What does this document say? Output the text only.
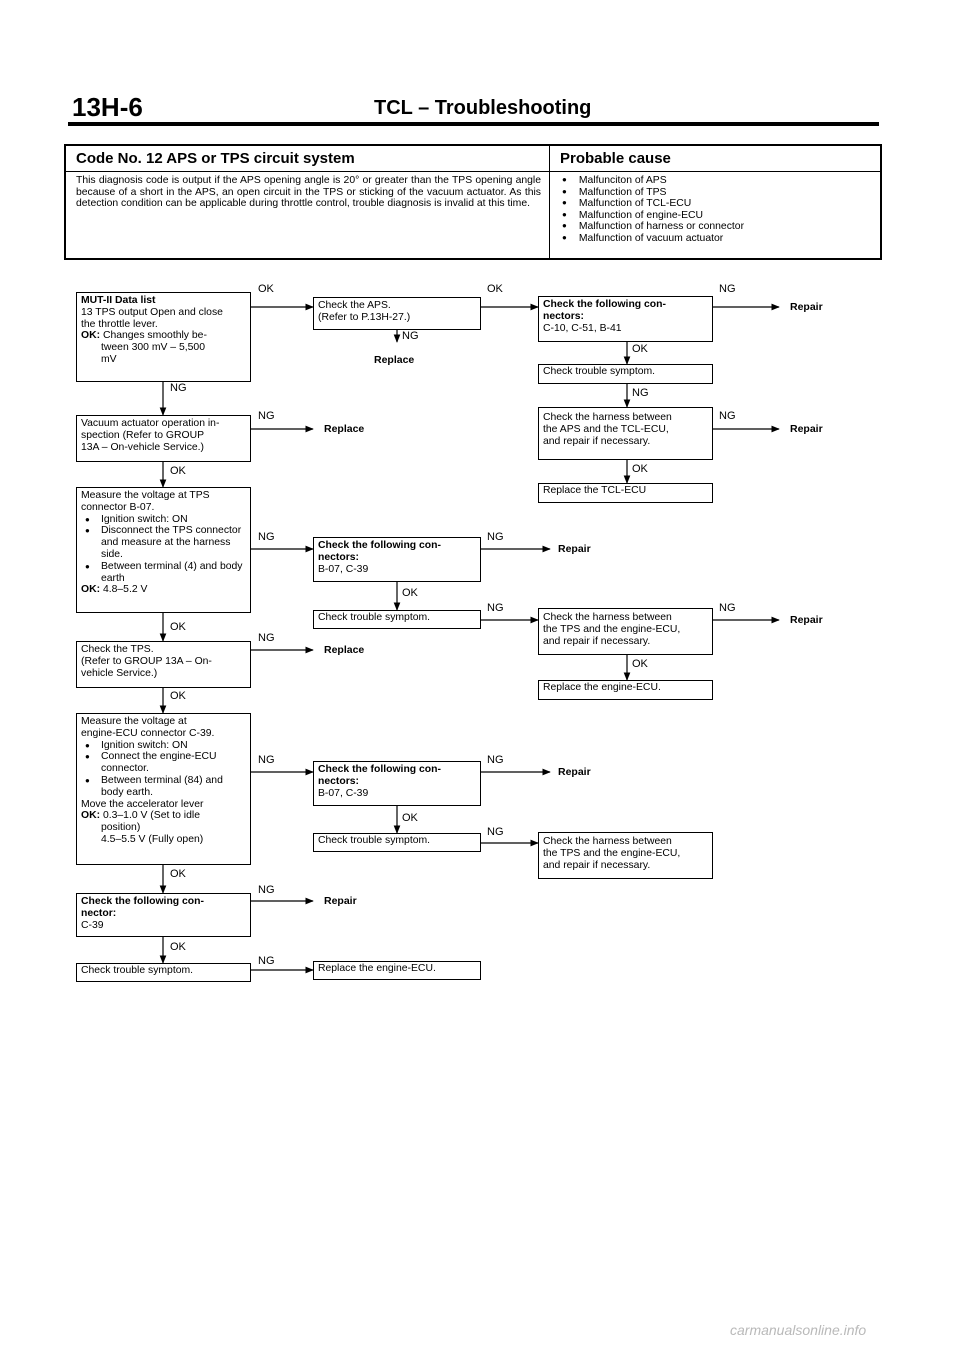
13H-6	TCL – Troubleshooting
Code No. 12 APS or TPS circuit system
This diagnosis code is output if the APS opening angle is 20° or greater than the TPS opening angle because of a short in the APS, an open circuit in the TPS or sticking of the vacuum actuator. As this detection condition can be applicable during throttle control, trouble diagnosis is invalid at this time.
Probable cause
● Malfunciton of APS
● Malfunction of TPS
● Malfunction of TCL-ECU
● Malfunction of engine-ECU
● Malfunction of harness or connector
● Malfunction of vacuum actuator
MUT-II Data list
13 TPS output Open and close
the throttle lever.
OK: Changes smoothly be-
tween 300 mV – 5,500
mV
Vacuum actuator operation in-
spection (Refer to GROUP
13A – On-vehicle Service.)
Measure the voltage at TPS
connector B-07.
● Ignition switch: ON
● Disconnect the TPS connector and measure at the harness side.
● Between terminal (4) and body earth
OK: 4.8–5.2 V
Check the TPS.
(Refer to GROUP 13A – On-
vehicle Service.)
Measure the voltage at
engine-ECU connector C-39.
● Ignition switch: ON
● Connect the engine-ECU connector.
● Between terminal (84) and body earth.
Move the accelerator lever
OK: 0.3–1.0 V (Set to idle
position)
4.5–5.5 V (Fully open)
Check the following con-
nector:
C-39
Check trouble symptom.
Check the APS.
(Refer to P.13H-27.)
Check the following con-
nectors:
B-07, C-39
Check trouble symptom.
Check the following con-
nectors:
B-07, C-39
Check trouble symptom.
Replace the engine-ECU.
Check the following con-
nectors:
C-10, C-51, B-41
Check trouble symptom.
Check the harness between
the APS and the TCL-ECU,
and repair if necessary.
Replace the TCL-ECU
Check the harness between
the TPS and the engine-ECU,
and repair if necessary.
Replace the engine-ECU.
Check the harness between
the TPS and the engine-ECU,
and repair if necessary.
OK	OK	NG
NG
OK
NG
NG
NG	NG
OK	OK
NG	NG
OK
NG	NG
OK
NG
OK
OK
NG	NG
OK
NG
OK
NG
OK
NG
Repair
Replace
Replace	Repair
Repair
Repair
Replace
Repair
Repair
carmanualsonline.info
